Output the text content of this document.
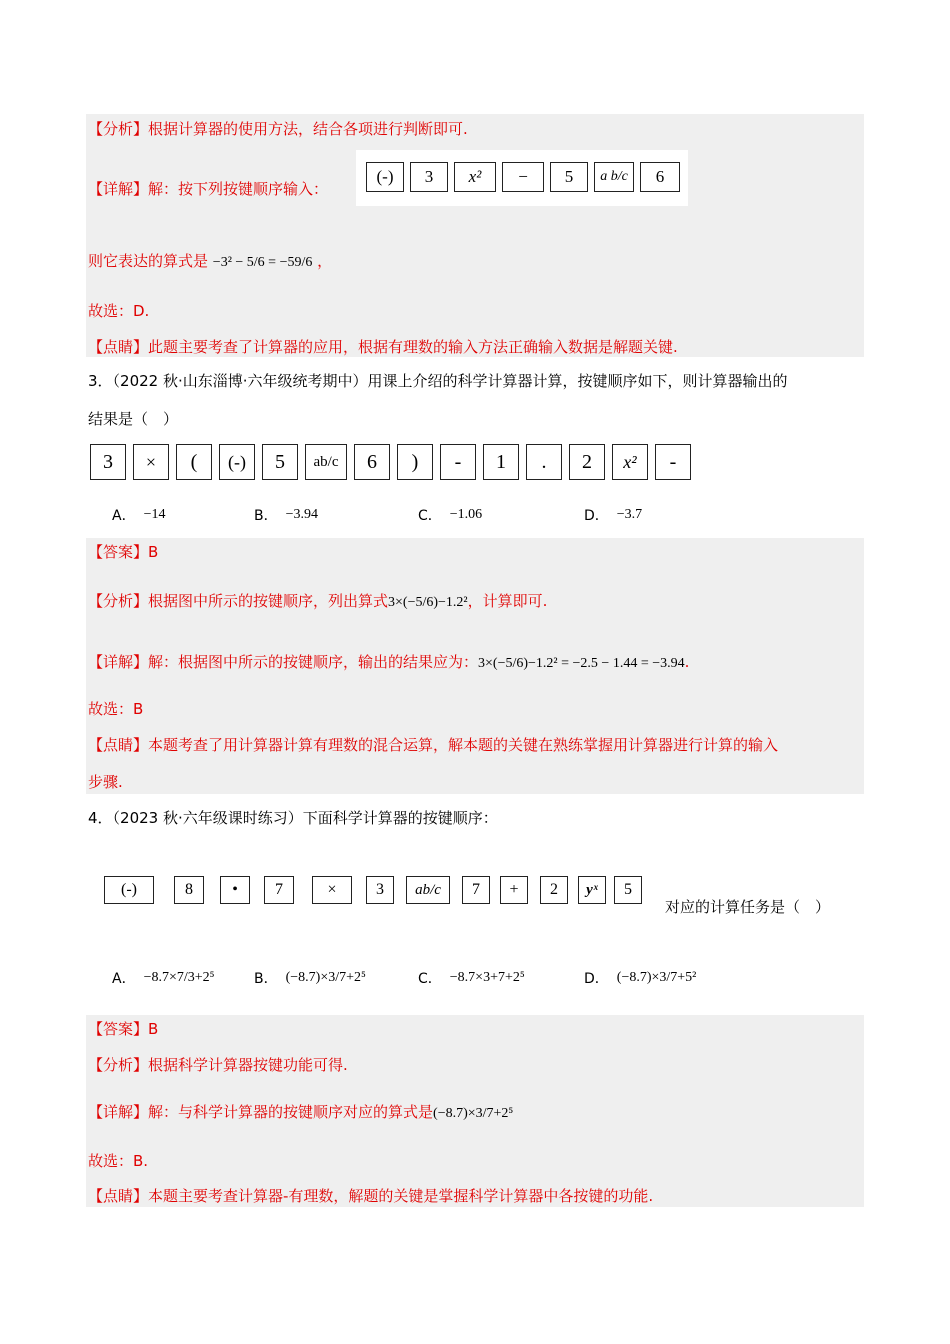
【分析】根据计算器的使用方法，结合各项进行判断即可.
【详解】解：按下列按键顺序输入：
(-)	3	x²	−	5	a b/c	6
则它表达的算式是 −3² − 5/6 = −59/6 ，
故选：D.
【点睛】此题主要考查了计算器的应用，根据有理数的输入方法正确输入数据是解题关键.
3．（2022 秋·山东淄博·六年级统考期中）用课上介绍的科学计算器计算，按键顺序如下，则计算器输出的
结果是（　）
3	×	(	(-)	5	ab/c	6	)	-	1	.	2	x²	-
A． −14	B． −3.94	C． −1.06	D． −3.7
【答案】B
【分析】根据图中所示的按键顺序，列出算式3×(−5/6)−1.2²，计算即可.
【详解】解：根据图中所示的按键顺序，输出的结果应为：3×(−5/6)−1.2² = −2.5 − 1.44 = −3.94.
故选：B
【点睛】本题考查了用计算器计算有理数的混合运算，解本题的关键在熟练掌握用计算器进行计算的输入
步骤.
4．（2023 秋·六年级课时练习）下面科学计算器的按键顺序：
(-)	8	•	7	×	3	ab/c	7	+	2	yˣ	5
对应的计算任务是（　）
A． −8.7×7/3+2⁵	B． (−8.7)×3/7+2⁵	C． −8.7×3+7+2⁵	D． (−8.7)×3/7+5²
【答案】B
【分析】根据科学计算器按键功能可得.
【详解】解：与科学计算器的按键顺序对应的算式是(−8.7)×3/7+2⁵
故选：B.
【点睛】本题主要考查计算器-有理数，解题的关键是掌握科学计算器中各按键的功能.
